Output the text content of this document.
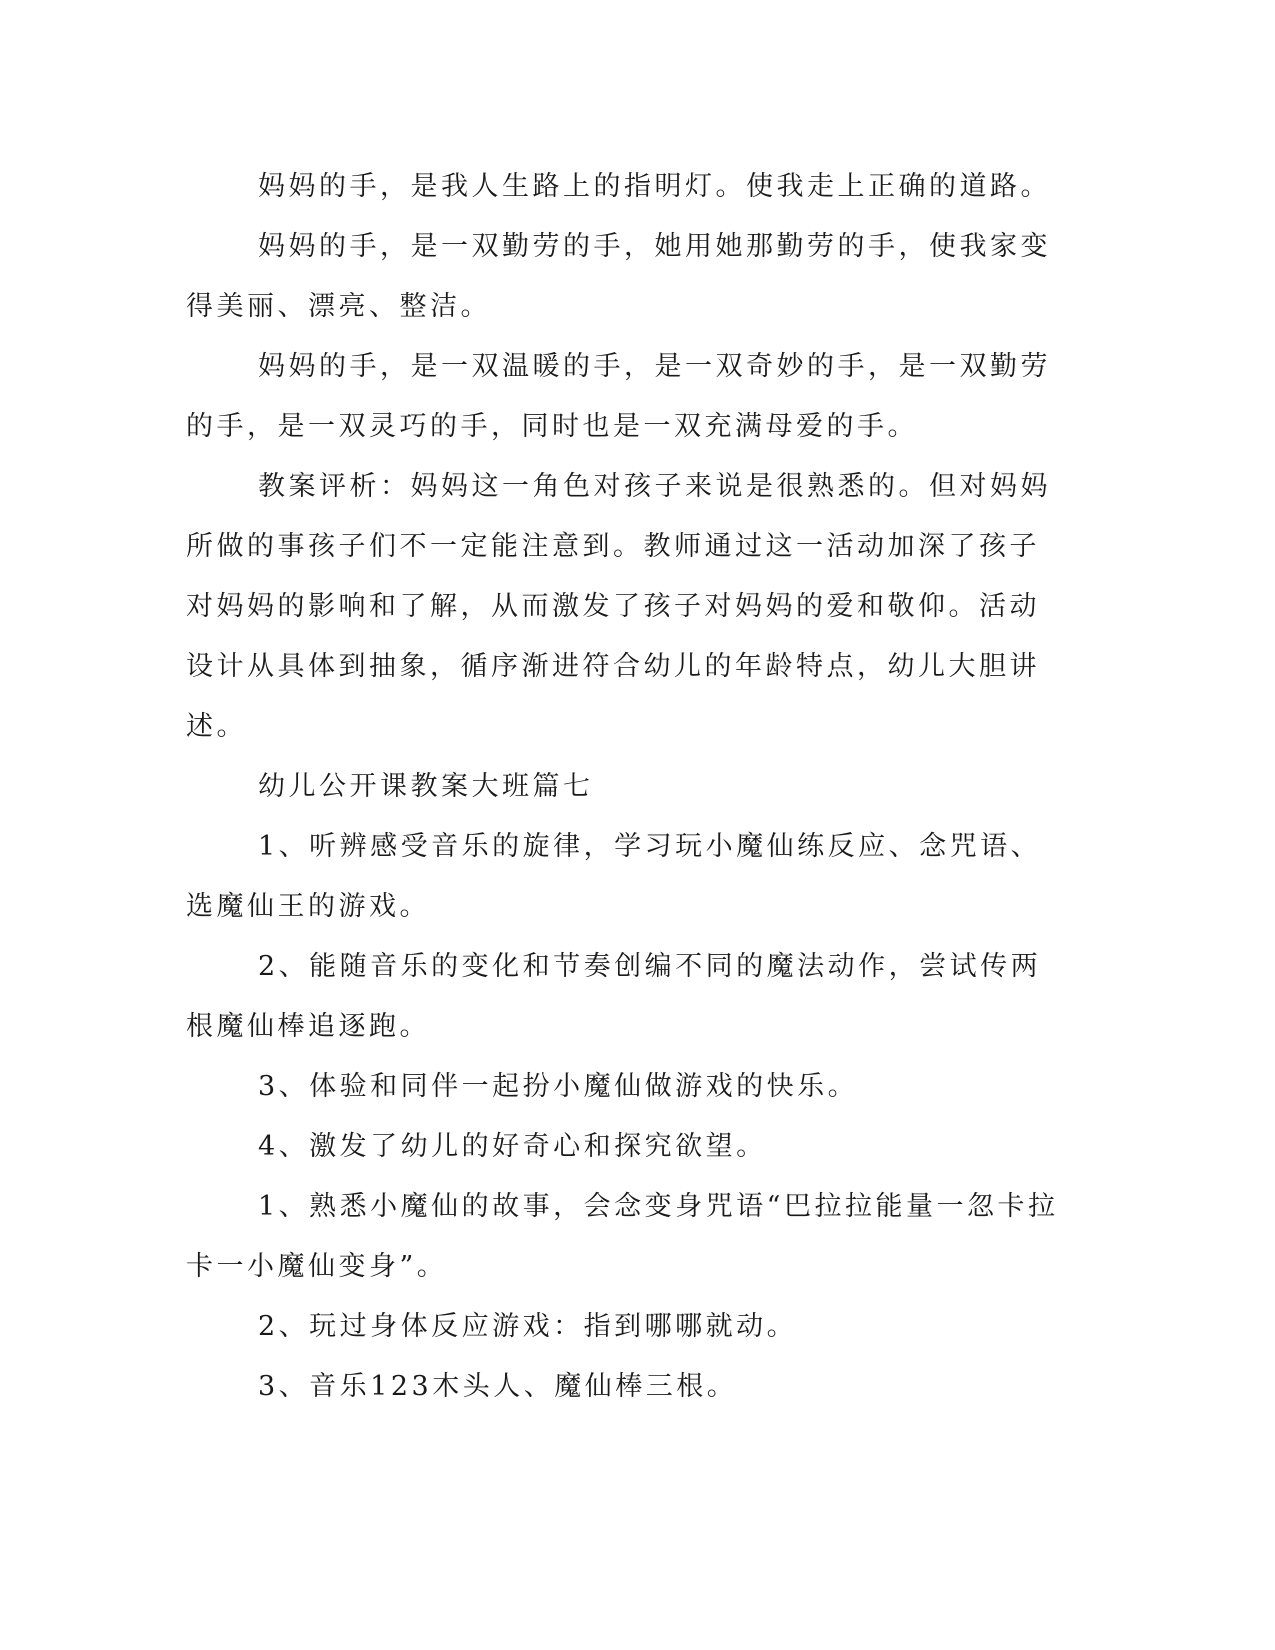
妈妈的手，是我人生路上的指明灯。使我走上正确的道路。

妈妈的手，是一双勤劳的手，她用她那勤劳的手，使我家变得美丽、漂亮、整洁。

妈妈的手，是一双温暖的手，是一双奇妙的手，是一双勤劳的手，是一双灵巧的手，同时也是一双充满母爱的手。

教案评析：妈妈这一角色对孩子来说是很熟悉的。但对妈妈所做的事孩子们不一定能注意到。教师通过这一活动加深了孩子对妈妈的影响和了解，从而激发了孩子对妈妈的爱和敬仰。活动设计从具体到抽象，循序渐进符合幼儿的年龄特点，幼儿大胆讲述。

幼儿公开课教案大班篇七

1、听辨感受音乐的旋律，学习玩小魔仙练反应、念咒语、选魔仙王的游戏。

2、能随音乐的变化和节奏创编不同的魔法动作，尝试传两根魔仙棒追逐跑。

3、体验和同伴一起扮小魔仙做游戏的快乐。

4、激发了幼儿的好奇心和探究欲望。

1、熟悉小魔仙的故事，会念变身咒语“巴拉拉能量一忽卡拉卡一小魔仙变身”。

2、玩过身体反应游戏：指到哪哪就动。

3、音乐123木头人、魔仙棒三根。
